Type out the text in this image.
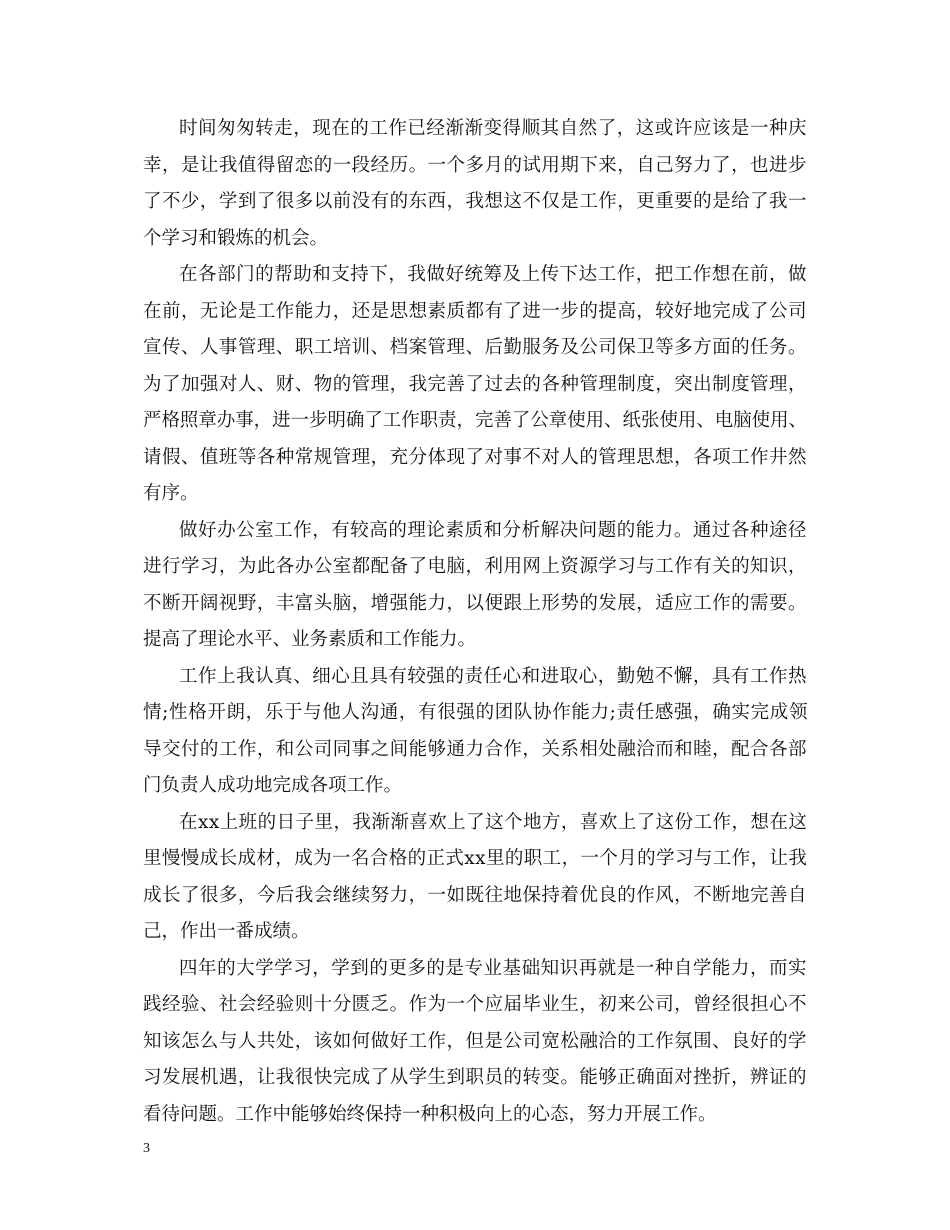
时间匆匆转走，现在的工作已经渐渐变得顺其自然了，这或许应该是一种庆
幸，是让我值得留恋的一段经历。一个多月的试用期下来，自己努力了，也进步
了不少，学到了很多以前没有的东西，我想这不仅是工作，更重要的是给了我一
个学习和锻炼的机会。
在各部门的帮助和支持下，我做好统筹及上传下达工作，把工作想在前，做
在前，无论是工作能力，还是思想素质都有了进一步的提高，较好地完成了公司
宣传、人事管理、职工培训、档案管理、后勤服务及公司保卫等多方面的任务。
为了加强对人、财、物的管理，我完善了过去的各种管理制度，突出制度管理，
严格照章办事，进一步明确了工作职责，完善了公章使用、纸张使用、电脑使用、
请假、值班等各种常规管理，充分体现了对事不对人的管理思想，各项工作井然
有序。
做好办公室工作，有较高的理论素质和分析解决问题的能力。通过各种途径
进行学习，为此各办公室都配备了电脑，利用网上资源学习与工作有关的知识，
不断开阔视野，丰富头脑，增强能力，以便跟上形势的发展，适应工作的需要。
提高了理论水平、业务素质和工作能力。
工作上我认真、细心且具有较强的责任心和进取心，勤勉不懈，具有工作热
情;性格开朗，乐于与他人沟通，有很强的团队协作能力;责任感强，确实完成领
导交付的工作，和公司同事之间能够通力合作，关系相处融洽而和睦，配合各部
门负责人成功地完成各项工作。
在xx上班的日子里，我渐渐喜欢上了这个地方，喜欢上了这份工作，想在这
里慢慢成长成材，成为一名合格的正式xx里的职工，一个月的学习与工作，让我
成长了很多，今后我会继续努力，一如既往地保持着优良的作风，不断地完善自
己，作出一番成绩。
四年的大学学习，学到的更多的是专业基础知识再就是一种自学能力，而实
践经验、社会经验则十分匮乏。作为一个应届毕业生，初来公司，曾经很担心不
知该怎么与人共处，该如何做好工作，但是公司宽松融洽的工作氛围、良好的学
习发展机遇，让我很快完成了从学生到职员的转变。能够正确面对挫折，辨证的
看待问题。工作中能够始终保持一种积极向上的心态，努力开展工作。
3
